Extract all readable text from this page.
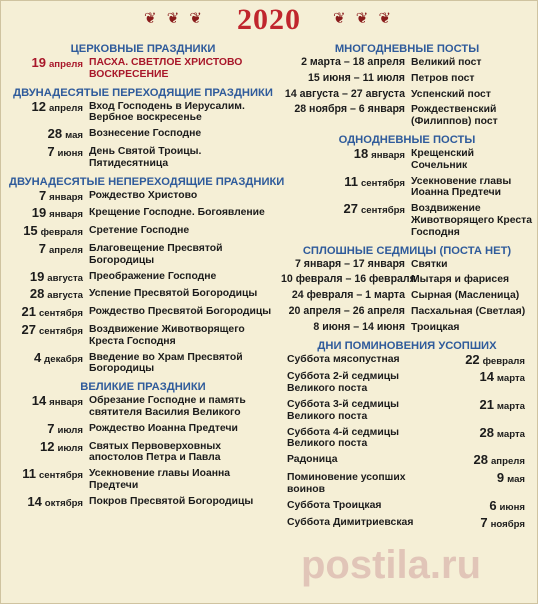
❦ ❦ ❦ 2020 ❦ ❦ ❦
ЦЕРКОВНЫЕ ПРАЗДНИКИ
19 апреля ПАСХА. СВЕТЛОЕ ХРИСТОВО ВОСКРЕСЕНИЕ
ДВУНАДЕСЯТЫЕ ПЕРЕХОДЯЩИЕ ПРАЗДНИКИ
12 апреля Вход Господень в Иерусалим. Вербное воскресенье
28 мая Вознесение Господне
7 июня День Святой Троицы. Пятидесятница
ДВУНАДЕСЯТЫЕ НЕПЕРЕХОДЯЩИЕ ПРАЗДНИКИ
7 января Рождество Христово
19 января Крещение Господне. Богоявление
15 февраля Сретение Господне
7 апреля Благовещение Пресвятой Богородицы
19 августа Преображение Господне
28 августа Успение Пресвятой Богородицы
21 сентября Рождество Пресвятой Богородицы
27 сентября Воздвижение Животворящего Креста Господня
4 декабря Введение во Храм Пресвятой Богородицы
ВЕЛИКИЕ ПРАЗДНИКИ
14 января Обрезание Господне и память святителя Василия Великого
7 июля Рождество Иоанна Предтечи
12 июля Святых Первоверховных апостолов Петра и Павла
11 сентября Усекновение главы Иоанна Предтечи
14 октября Покров Пресвятой Богородицы
МНОГОДНЕВНЫЕ ПОСТЫ
2 марта – 18 апреля Великий пост
15 июня – 11 июля Петров пост
14 августа – 27 августа Успенский пост
28 ноября – 6 января Рождественский (Филиппов) пост
ОДНОДНЕВНЫЕ ПОСТЫ
18 января Крещенский Сочельник
11 сентября Усекновение главы Иоанна Предтечи
27 сентября Воздвижение Животворящего Креста Господня
СПЛОШНЫЕ СЕДМИЦЫ (ПОСТА НЕТ)
7 января – 17 января Святки
10 февраля – 16 февраля
Мытаря и фарисея
24 февраля – 1 марта Сырная (Масленица)
20 апреля – 26 апреля Пасхальная (Светлая)
8 июня – 14 июня Троицкая
ДНИ ПОМИНОВЕНИЯ УСОПШИХ
Суббота мясопустная	22 февраля
Суббота 2-й седмицы Великого поста
14 марта
Суббота 3-й седмицы Великого поста
21 марта
Суббота 4-й седмицы Великого поста
28 марта
Радоница	28 апреля
Поминовение усопших воинов
9 мая
Суббота Троицкая	6 июня
Суббота Димитриевская	7 ноября
postila.ru
